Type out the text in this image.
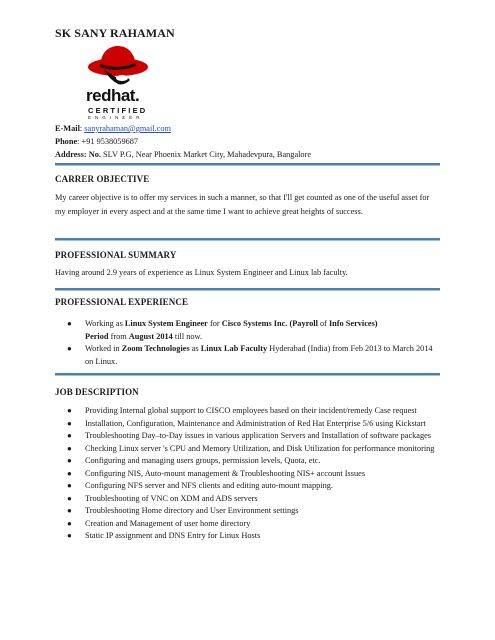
SK SANY RAHAMAN
redhat.
CERTIFIED
ENGINEER
E-Mail: sanyrahaman@gmail.com
Phone: +91 9538059687
Address: No. SLV P.G, Near Phoenix Market City, Mahadevpura, Bangalore
CARRER OBJECTIVE
My career objective is to offer my services in such a manner, so that I'll get counted as one of the useful asset for my employer in every aspect and at the same time I want to achieve great heights of success.
PROFESSIONAL SUMMARY
Having around 2.9 years of experience as Linux System Engineer and Linux lab faculty.
PROFESSIONAL EXPERIENCE
● Working as Linux System Engineer for Cisco Systems Inc. (Payroll of Info Services)
Period from August 2014 till now.
● Worked in Zoom Technologies as Linux Lab Faculty Hyderabad (India) from Feb 2013 to March 2014 on Linux.
JOB DESCRIPTION
● Providing Internal global support to CISCO employees based on their incident/remedy Case request
● Installation, Configuration, Maintenance and Administration of Red Hat Enterprise 5/6 using Kickstart
● Troubleshooting Day–to-Day issues in various application Servers and Installation of software packages
● Checking Linux server 's CPU and Memory Utilization, and Disk Utilization for performance monitoring
● Configuring and managing users groups, permission levels, Quota, etc.
● Configuring NIS, Auto-mount management & Troubleshooting NIS+ account Issues
● Configuring NFS server and NFS clients and editing auto-mount mapping.
● Troubleshooting of VNC on XDM and ADS servers
● Troubleshooting Home directory and User Environment settings
● Creation and Management of user home directory
● Static IP assignment and DNS Entry for Linux Hosts
